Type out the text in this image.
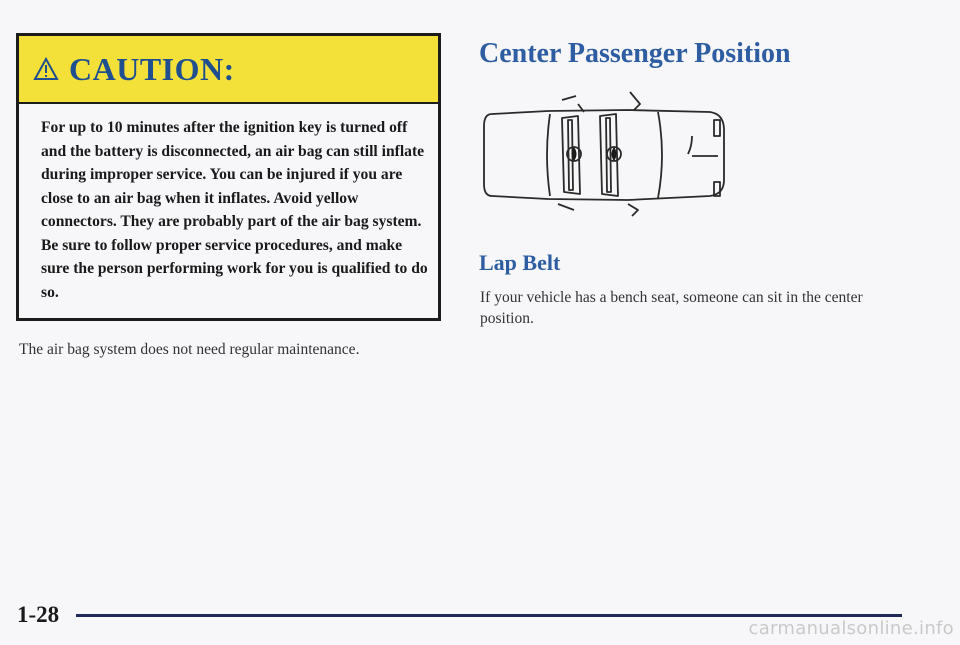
CAUTION:
For up to 10 minutes after the ignition key is turned off and the battery is disconnected, an air bag can still inflate during improper service. You can be injured if you are close to an air bag when it inflates. Avoid yellow connectors. They are probably part of the air bag system. Be sure to follow proper service procedures, and make sure the person performing work for you is qualified to do so.
The air bag system does not need regular maintenance.
Center Passenger Position
Lap Belt
If your vehicle has a bench seat, someone can sit in the center position.
1-28
carmanualsonline.info
